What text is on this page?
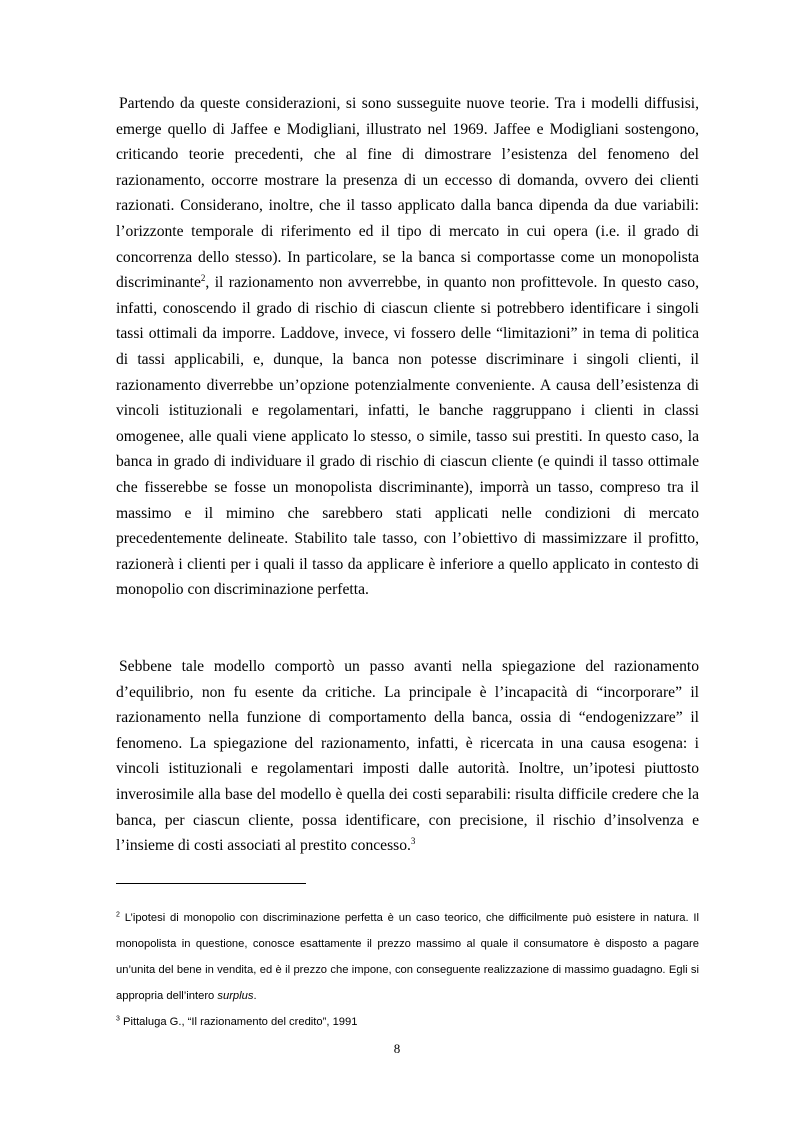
Partendo da queste considerazioni, si sono susseguite nuove teorie. Tra i modelli diffusisi, emerge quello di Jaffee e Modigliani, illustrato nel 1969. Jaffee e Modigliani sostengono, criticando teorie precedenti, che al fine di dimostrare l’esistenza del fenomeno del razionamento, occorre mostrare la presenza di un eccesso di domanda, ovvero dei clienti razionati. Considerano, inoltre, che il tasso applicato dalla banca dipenda da due variabili: l’orizzonte temporale di riferimento ed il tipo di mercato in cui opera (i.e. il grado di concorrenza dello stesso). In particolare, se la banca si comportasse come un monopolista discriminante$^2$, il razionamento non avverrebbe, in quanto non profittevole. In questo caso, infatti, conoscendo il grado di rischio di ciascun cliente si potrebbero identificare i singoli tassi ottimali da imporre. Laddove, invece, vi fossero delle “limitazioni” in tema di politica di tassi applicabili, e, dunque, la banca non potesse discriminare i singoli clienti, il razionamento diverrebbe un’opzione potenzialmente conveniente. A causa dell’esistenza di vincoli istituzionali e regolamentari, infatti, le banche raggruppano i clienti in classi omogenee, alle quali viene applicato lo stesso, o simile, tasso sui prestiti. In questo caso, la banca in grado di individuare il grado di rischio di ciascun cliente (e quindi il tasso ottimale che fisserebbe se fosse un monopolista discriminante), imporrà un tasso, compreso tra il massimo e il mimino che sarebbero stati applicati nelle condizioni di mercato precedentemente delineate. Stabilito tale tasso, con l’obiettivo di massimizzare il profitto, razionerà i clienti per i quali il tasso da applicare è inferiore a quello applicato in contesto di monopolio con discriminazione perfetta.

Sebbene tale modello comportò un passo avanti nella spiegazione del razionamento d’equilibrio, non fu esente da critiche. La principale è l’incapacità di “incorporare” il razionamento nella funzione di comportamento della banca, ossia di “endogenizzare” il fenomeno. La spiegazione del razionamento, infatti, è ricercata in una causa esogena: i vincoli istituzionali e regolamentari imposti dalle autorità. Inoltre, un’ipotesi piuttosto inverosimile alla base del modello è quella dei costi separabili: risulta difficile credere che la banca, per ciascun cliente, possa identificare, con precisione, il rischio d’insolvenza e l’insieme di costi associati al prestito concesso.$^3$

$^2$ L’ipotesi di monopolio con discriminazione perfetta è un caso teorico, che difficilmente può esistere in natura. Il monopolista in questione, conosce esattamente il prezzo massimo al quale il consumatore è disposto a pagare un’unita del bene in vendita, ed è il prezzo che impone, con conseguente realizzazione di massimo guadagno. Egli si appropria dell’intero surplus.

$^3$ Pittaluga G., “Il razionamento del credito”, 1991

8
